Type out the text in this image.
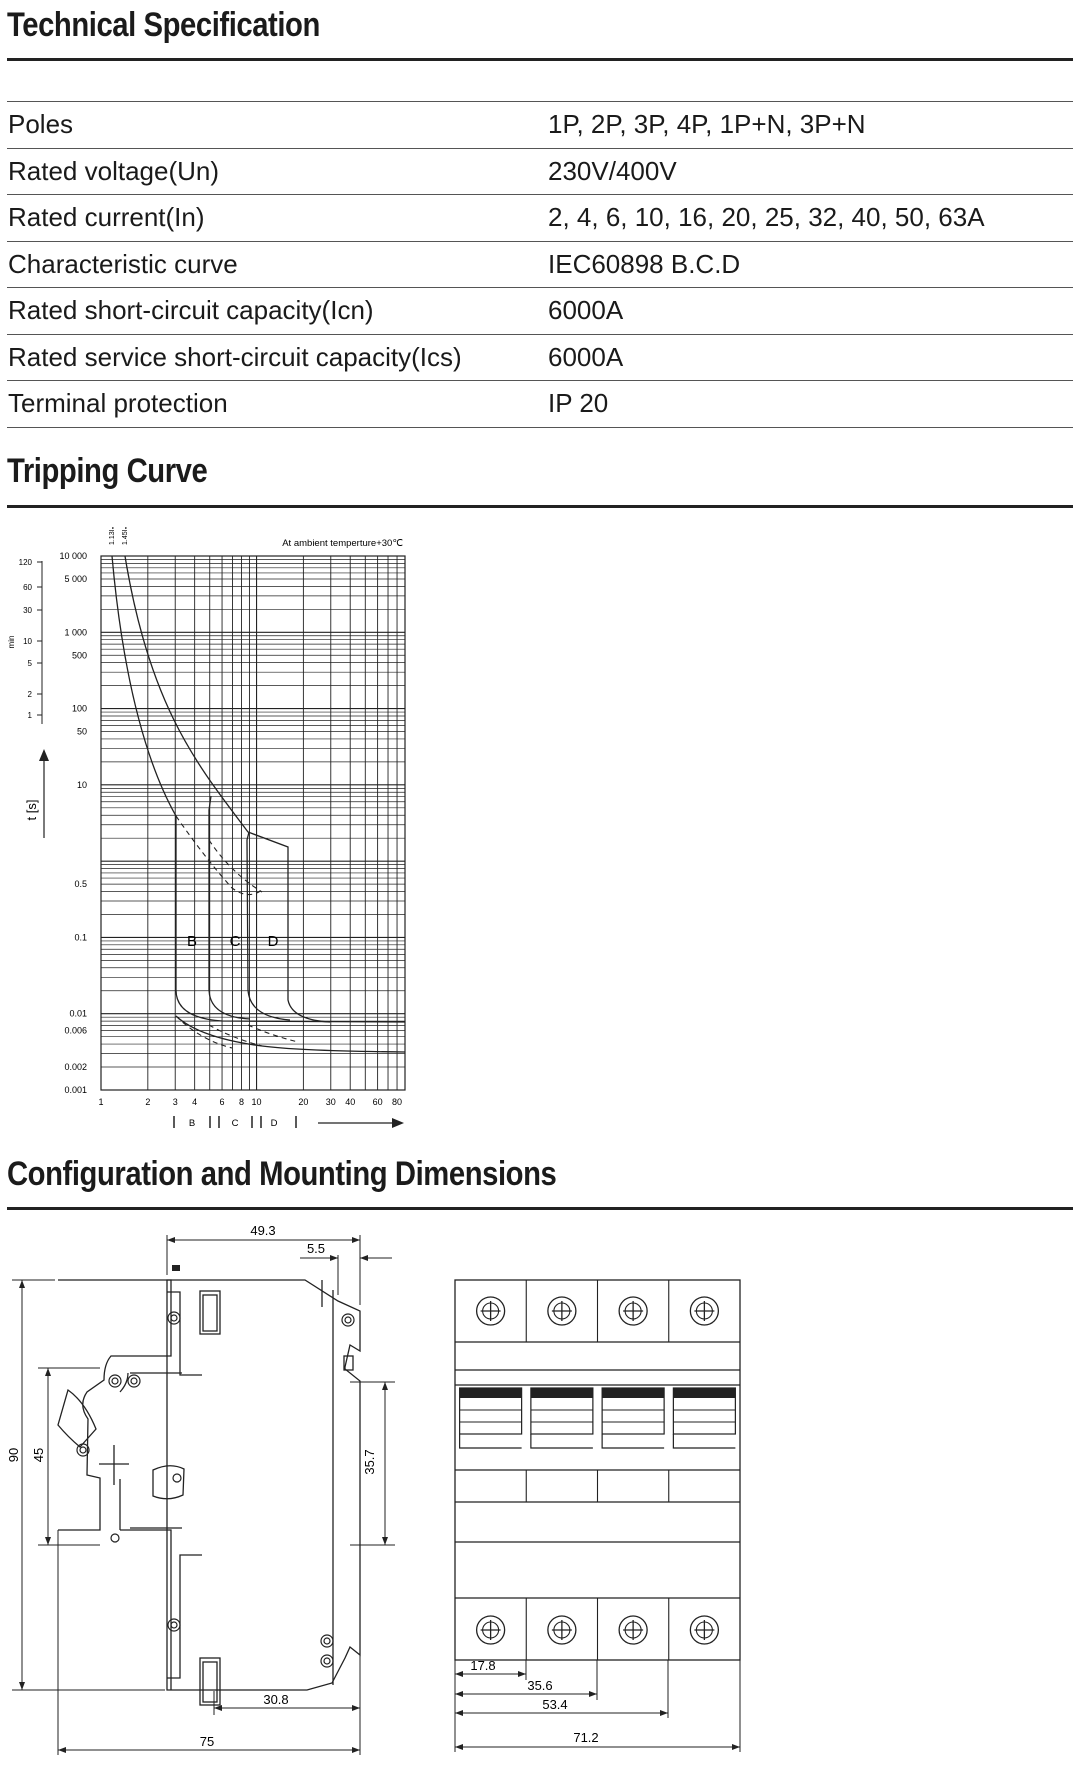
Technical Specification
Poles	1P, 2P, 3P, 4P, 1P+N, 3P+N
Rated voltage(Un)	230V/400V
Rated current(In)	2, 4, 6, 10, 16, 20, 25, 32, 40, 50, 63A
Characteristic curve	IEC60898 B.C.D
Rated short-circuit capacity(Icn)	6000A
Rated service short-circuit capacity(Ics)	6000A
Terminal protection	IP 20
Tripping Curve
120
60
30
10
5
2
1
min
10 000
5 000
1 000
500
100
50
10
0.5
0.1
0.01
0.006
0.002
0.001
t [s]
1.13Iₙ 1.45Iₙ	At ambient temperture+30℃
B C D
1	2 3 4 6 8 10	20 30 40 60 80
B	C	D
Configuration and Mounting Dimensions
49.3
5.5
90 45	35.7
30.8
75
17.8
35.6
53.4
71.2
